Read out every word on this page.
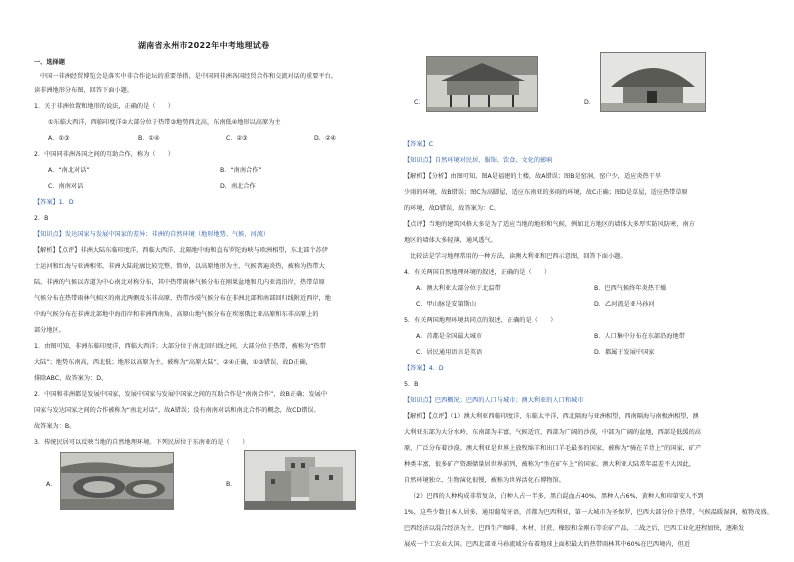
湖南省永州市2022年中考地理试卷
一、选择题
中国一非洲经贸博览会是落实中非合作论坛的重要举措，是中国同非洲各国经贸合作和交流对话的重要平台。
读非洲地形分布图，回答下面小题。
1．关于非洲位置和地形的说法，正确的是（　　）
①东临大西洋，西临印度洋②大部分位于热带③地势西北高，东南低④地形以高原为主
A．①③	B．①④	C．②③	D．②④
2．中国同非洲各国之间的互助合作，称为（　　）
A．“南北对话”	B．“南南合作”
C．南南对话	D．南北合作
【答案】1．D
2．B
【知识点】发达国家与发展中国家的差异；非洲的自然环境（地形地势、气候、河流）
【解析】【点评】非洲大陆东临印度洋，西临大西洋，北隔地中海和直布罗陀海峡与欧洲相望，东北部个苏伊
士运河和红海与亚洲相邻，非洲大陆轮廓比较完整，简单，以高原地形为主，气候普遍炎热，被称为热带大
陆。非洲的气候以赤道为中心南北对称分布，其中热带雨林气候分布在刚果盆地和几内亚湾沿岸，热带草原
气候分布在热带雨林气候区的南北两侧及东非高原，热带沙漠气候分布在非洲北部和南部回归线附近西岸，地
中海气候分布在非洲北部地中海沿岸和非洲西南角，高原山地气候分布在埃塞俄比亚高原和东非高原上的
部分地区。
1．由图可知，非洲东临印度洋，西临大西洋；大部分位于南北回归线之间，大部分位于热带，被称为“热带
大陆”；地势东南高，西北低；地形以高原为主，被称为“高原大陆”，②④正确，①③错误，故D正确，
排除ABC，故答案为：D。
2．中国和非洲都是发展中国家，发展中国家与发展中国家之间的互助合作是“南南合作”，故B正确；发展中
国家与发达国家之间的合作被称为“南北对话”，故A错误；没有南南对话和南北合作的概念，故CD错误。
故答案为：B。
3．传统民居可以反映当地的自然地理环境。下列民居位于东南亚的是（　　）
A．	B．
C．	D．
【答案】C
【知识点】自然环境对民居、服饰、饮食、文化的影响
【解析】【分析】由图可知，图A是福建的土楼，故A错误；图B是窑洞，窑户少，适应炎热干旱
少雨的环境，故B错误；图C为高脚屋，适应东南亚的多雨的环境，故C正确；图D是草屋，适应热带草原
的环境，故D错误，故答案为：C。
【点评】当地的建筑风格大多是为了适应当地的地形和气候，例如北方地区的墙体大多厚实防风防寒，南方
地区的墙体大多轻薄，通风透气。
比较法是学习地理常用的一种方法，读澳大利亚和巴西示意图，回答下面小题。
4．有关两国自然地理环境的叙述，正确的是（　　）
A．澳大利亚大部分位于北温带	B．巴西气候终年炎热干燥
C．甲山脉是安第斯山	D．乙河流是亚马孙河
5．有关两国地理环境共同点的叙述，正确的是（　　）
A．首都是全国最大城市	B．人口集中分布在东部沿海地带
C．居民通用语言是英语	D．都属于发展中国家
【答案】4．D
5．B
【知识点】巴西概况；巴西的人口与城市；澳大利亚的人口和城市
【解析】【点评】（1）澳大利亚西临印度洋，东临太平洋，西北隔海与亚洲相望，西南隔海与南极洲相望，澳
大利亚东部为大分水岭，东南部为丰富，气候适宜，西部为广阔的沙漠，中部为广阔的盆地，西部是低缓的高
原，广泛分布着沙漠。澳大利亚是世界上放牧绵羊和出口羊毛最多的国家，被称为“骑在羊背上”的国家，矿产
种类丰富，很多矿产资源储量居世界前列，被称为“坐在矿车上”的国家。澳大利亚大陆常年温差不大因此，
自然环境独立，生物演化很慢，被称为世界活化石博物馆。
（2）巴西的人种构成非常复杂，白种人占一半多，黑白混血占40%，黑种人占6%，黄种人和印第安人不到
1%，这些少数日本人居多，通用葡萄牙语，首都为巴西利亚，第一大城市为圣保罗，巴西大部分位于热带，气候温暖湿润，植物茂盛。
巴西经济以混合经济为主，巴西生产咖啡、木材、甘蔗、橡胶和金刚石等农矿产品，二战之后，巴西工业化进程加快，逐渐发
展成一个工农业大国。巴西北部亚马孙流域分布着地球上面积最大的热带雨林其中60%在巴西境内，但近
